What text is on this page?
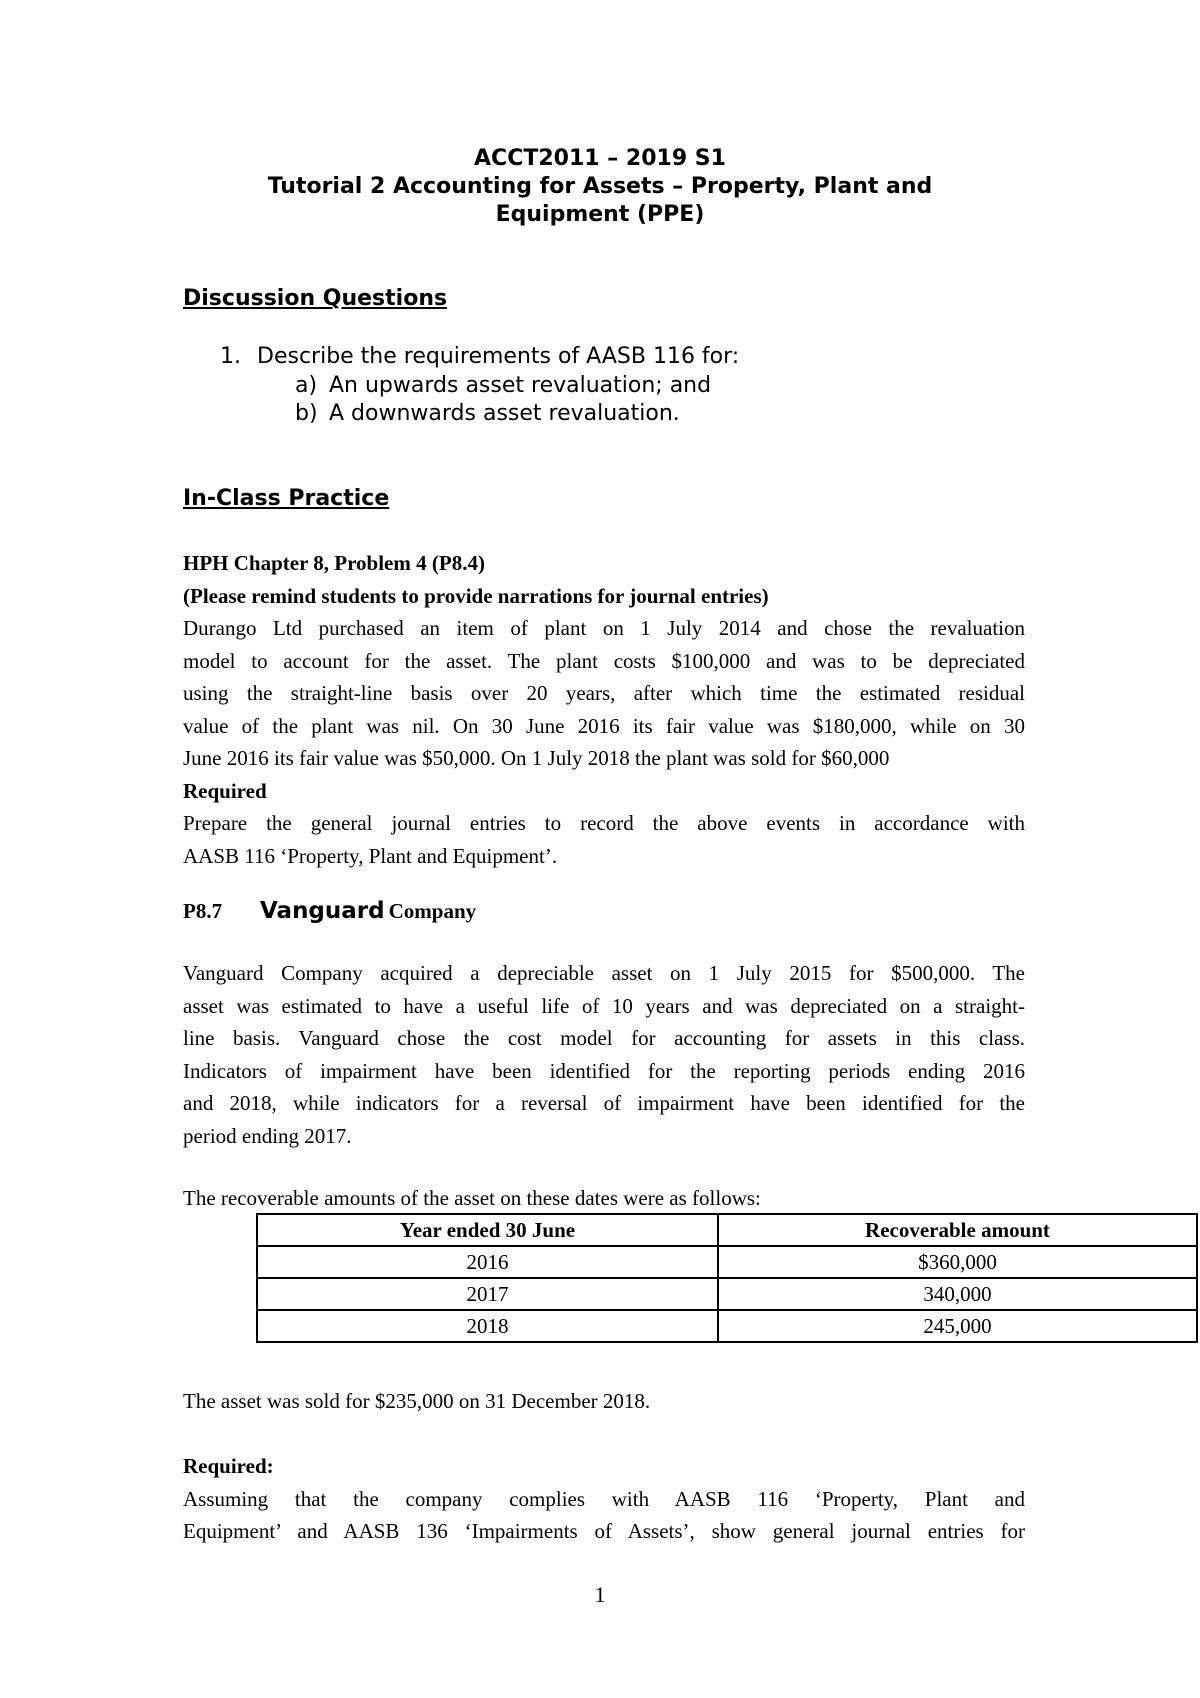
ACCT2011 – 2019 S1
Tutorial 2 Accounting for Assets – Property, Plant and
Equipment (PPE)
Discussion Questions
1. Describe the requirements of AASB 116 for:
a) An upwards asset revaluation; and
b) A downwards asset revaluation.
In-Class Practice
HPH Chapter 8, Problem 4 (P8.4)
(Please remind students to provide narrations for journal entries)
Durango Ltd purchased an item of plant on 1 July 2014 and chose the revaluation
model to account for the asset. The plant costs $100,000 and was to be depreciated
using the straight-line basis over 20 years, after which time the estimated residual
value of the plant was nil. On 30 June 2016 its fair value was $180,000, while on 30
June 2016 its fair value was $50,000. On 1 July 2018 the plant was sold for $60,000
Required
Prepare the general journal entries to record the above events in accordance with
AASB 116 ‘Property, Plant and Equipment’.
P8.7 Vanguard Company
Vanguard Company acquired a depreciable asset on 1 July 2015 for $500,000. The
asset was estimated to have a useful life of 10 years and was depreciated on a straight-
line basis. Vanguard chose the cost model for accounting for assets in this class.
Indicators of impairment have been identified for the reporting periods ending 2016
and 2018, while indicators for a reversal of impairment have been identified for the
period ending 2017.
The recoverable amounts of the asset on these dates were as follows:
Year ended 30 June	Recoverable amount
2016	$360,000
2017	340,000
2018	245,000
The asset was sold for $235,000 on 31 December 2018.
Required:
Assuming that the company complies with AASB 116 ‘Property, Plant and
Equipment’ and AASB 136 ‘Impairments of Assets’, show general journal entries for
1
